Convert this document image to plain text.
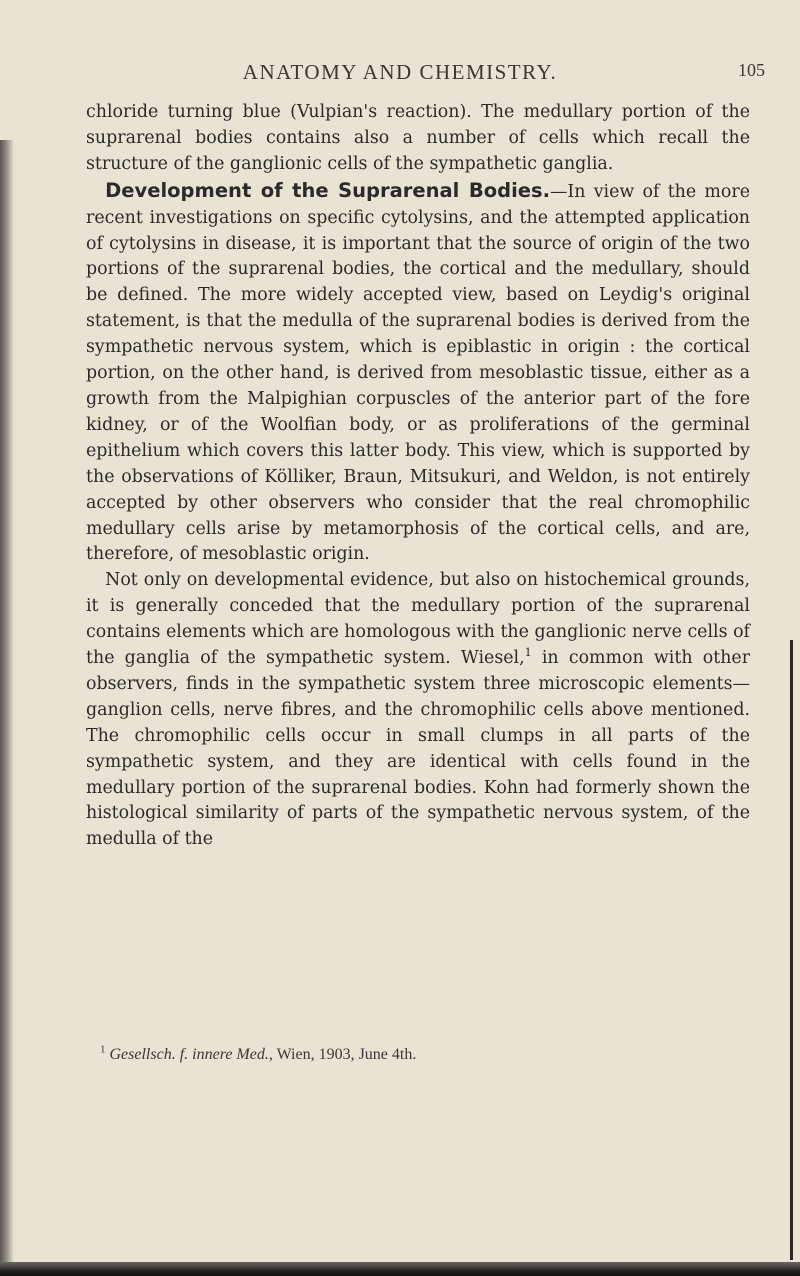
ANATOMY AND CHEMISTRY.	105

chloride turning blue (Vulpian's reaction). The medullary portion of the suprarenal bodies contains also a number of cells which recall the structure of the ganglionic cells of the sympathetic ganglia.

Development of the Suprarenal Bodies.—In view of the more recent investigations on specific cytolysins, and the attempted application of cytolysins in disease, it is important that the source of origin of the two portions of the suprarenal bodies, the cortical and the medullary, should be defined. The more widely accepted view, based on Leydig's original statement, is that the medulla of the suprarenal bodies is derived from the sympathetic nervous system, which is epiblastic in origin : the cortical portion, on the other hand, is derived from mesoblastic tissue, either as a growth from the Malpighian corpuscles of the anterior part of the fore kidney, or of the Woolfian body, or as proliferations of the germinal epithelium which covers this latter body. This view, which is supported by the observations of Kölliker, Braun, Mitsukuri, and Weldon, is not entirely accepted by other observers who consider that the real chromophilic medullary cells arise by metamorphosis of the cortical cells, and are, therefore, of mesoblastic origin.

Not only on developmental evidence, but also on histochemical grounds, it is generally conceded that the medullary portion of the suprarenal contains elements which are homologous with the ganglionic nerve cells of the ganglia of the sympathetic system. Wiesel,$^1$ in common with other observers, finds in the sympathetic system three microscopic elements—ganglion cells, nerve fibres, and the chromophilic cells above mentioned. The chromophilic cells occur in small clumps in all parts of the sympathetic system, and they are identical with cells found in the medullary portion of the suprarenal bodies. Kohn had formerly shown the histological similarity of parts of the sympathetic nervous system, of the medulla of the

$^1$ Gesellsch. f. innere Med., Wien, 1903, June 4th.
